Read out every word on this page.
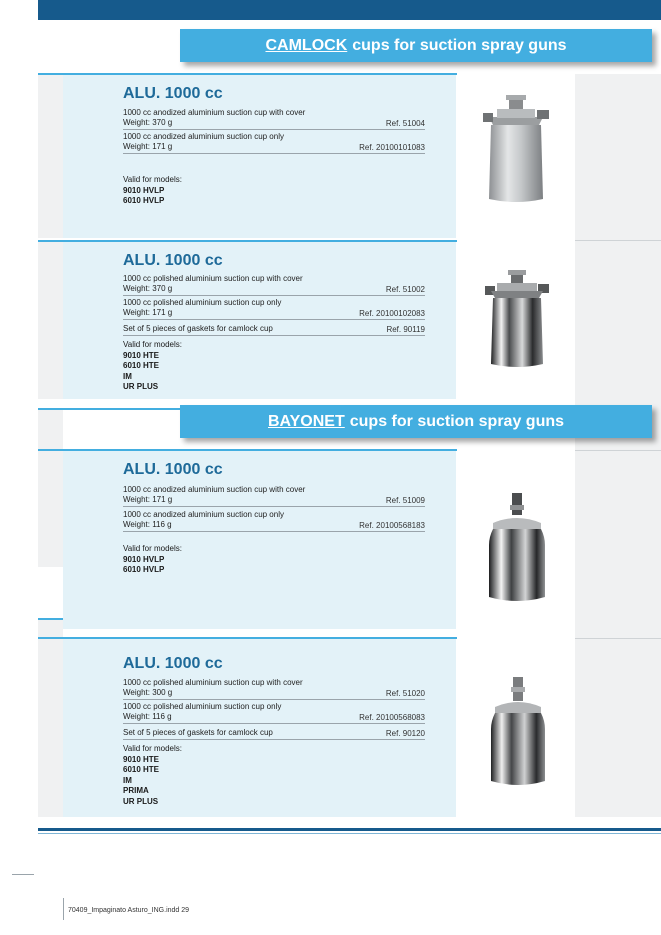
CAMLOCK cups for suction spray guns
ALU. 1000 cc
1000 cc anodized aluminium suction cup with cover
Weight: 370 g	Ref. 51004
1000 cc anodized aluminium suction cup only
Weight: 171 g	Ref. 20100101083
Valid for models:
9010 HVLP
6010 HVLP
ALU. 1000 cc
1000 cc polished aluminium suction cup with cover
Weight: 370 g	Ref. 51002
1000 cc polished aluminium suction cup only
Weight: 171 g	Ref. 20100102083
Set of 5 pieces of gaskets for camlock cup	Ref. 90119
Valid for models:
9010 HTE
6010 HTE
IM
UR PLUS
BAYONET cups for suction spray guns
ALU. 1000 cc
1000 cc anodized aluminium suction cup with cover
Weight: 171 g	Ref. 51009
1000 cc anodized aluminium suction cup only
Weight: 116 g	Ref. 20100568183
Valid for models:
9010 HVLP
6010 HVLP
ALU. 1000 cc
1000 cc polished aluminium suction cup with cover
Weight: 300 g	Ref. 51020
1000 cc polished aluminium suction cup only
Weight: 116 g	Ref. 20100568083
Set of 5 pieces of gaskets for camlock cup	Ref. 90120
Valid for models:
9010 HTE
6010 HTE
IM
PRIMA
UR PLUS
70409_Impaginato Asturo_ING.indd 29
